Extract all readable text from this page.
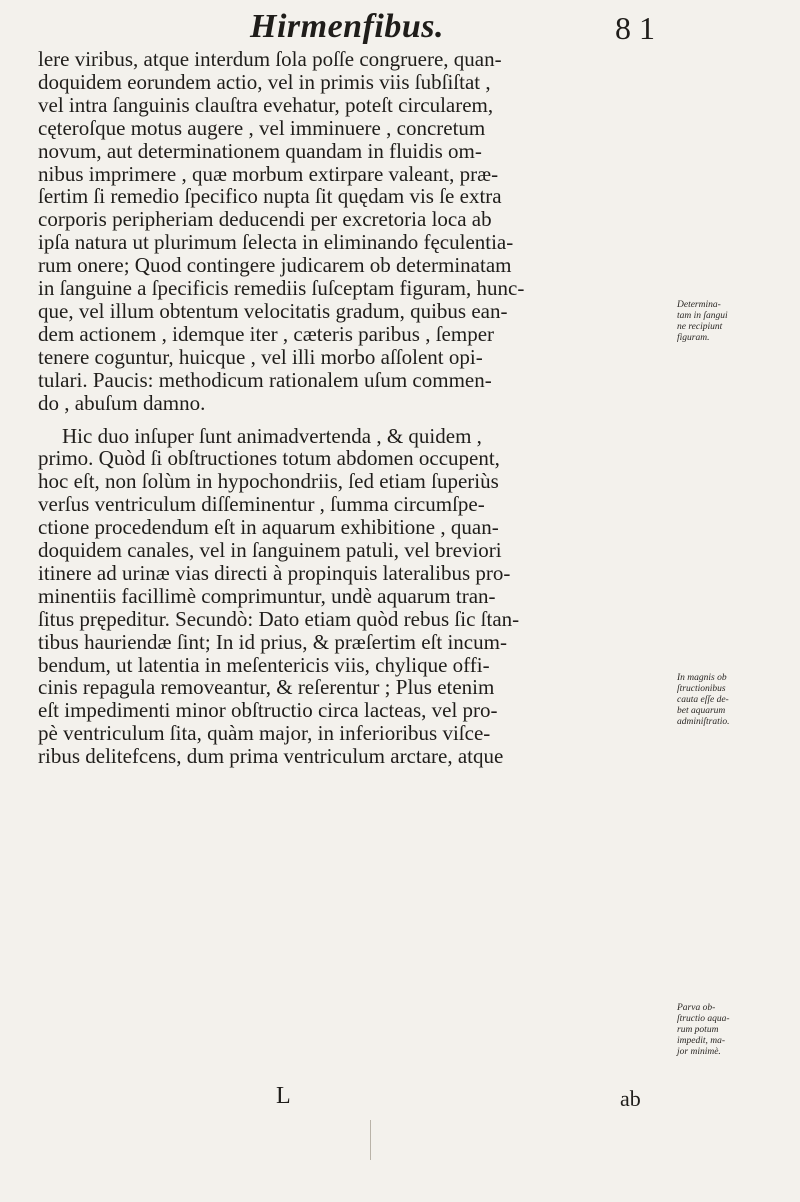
Hirmenfibus.	8 1
lere viribus, atque interdum ſola poſſe congruere, quan-
doquidem eorundem actio, vel in primis viis ſubſiſtat ,
vel intra ſanguinis clauſtra evehatur, poteſt circularem,
cęteroſque motus augere , vel imminuere , concretum
novum, aut determinationem quandam in fluidis om-
nibus imprimere , quæ morbum extirpare valeant, præ-
ſertim ſi remedio ſpecifico nupta ſit quędam vis ſe extra
corporis peripheriam deducendi per excretoria loca ab
ipſa natura ut plurimum ſelecta in eliminando fęculentia-
rum onere; Quod contingere judicarem ob determinatam
in ſanguine a ſpecificis remediis ſuſceptam figuram, hunc-
que, vel illum obtentum velocitatis gradum, quibus ean-
dem actionem , idemque iter , cæteris paribus , ſemper
tenere coguntur, huicque , vel illi morbo aſſolent opi-
tulari. Paucis: methodicum rationalem uſum commen-
do , abuſum damno.
Hic duo inſuper ſunt animadvertenda , & quidem ,
primo. Quòd ſi obſtructiones totum abdomen occupent,
hoc eſt, non ſolùm in hypochondriis, ſed etiam ſuperiùs
verſus ventriculum diſſeminentur , ſumma circumſpe-
ctione procedendum eſt in aquarum exhibitione , quan-
doquidem canales, vel in ſanguinem patuli, vel breviori
itinere ad urinæ vias directi à propinquis lateralibus pro-
minentiis facillimè comprimuntur, undè aquarum tran-
ſitus prępeditur. Secundò: Dato etiam quòd rebus ſic ſtan-
tibus hauriendæ ſint; In id prius, & præſertim eſt incum-
bendum, ut latentia in meſentericis viis, chylique offi-
cinis repagula removeantur, & reſerentur ; Plus etenim
eſt impedimenti minor obſtructio circa lacteas, vel pro-
pè ventriculum ſita, quàm major, in inferioribus viſce-
ribus delitefcens, dum prima ventriculum arctare, atque
Determina-
tam in ſangui
ne recipiunt
figuram.
In magnis ob
ſtructionibus
cauta eſſe de-
bet aquarum
adminiſtratio.
Parva ob-
ſtructio aqua-
rum potum
impedit, ma-
jor minimè.
L	ab
